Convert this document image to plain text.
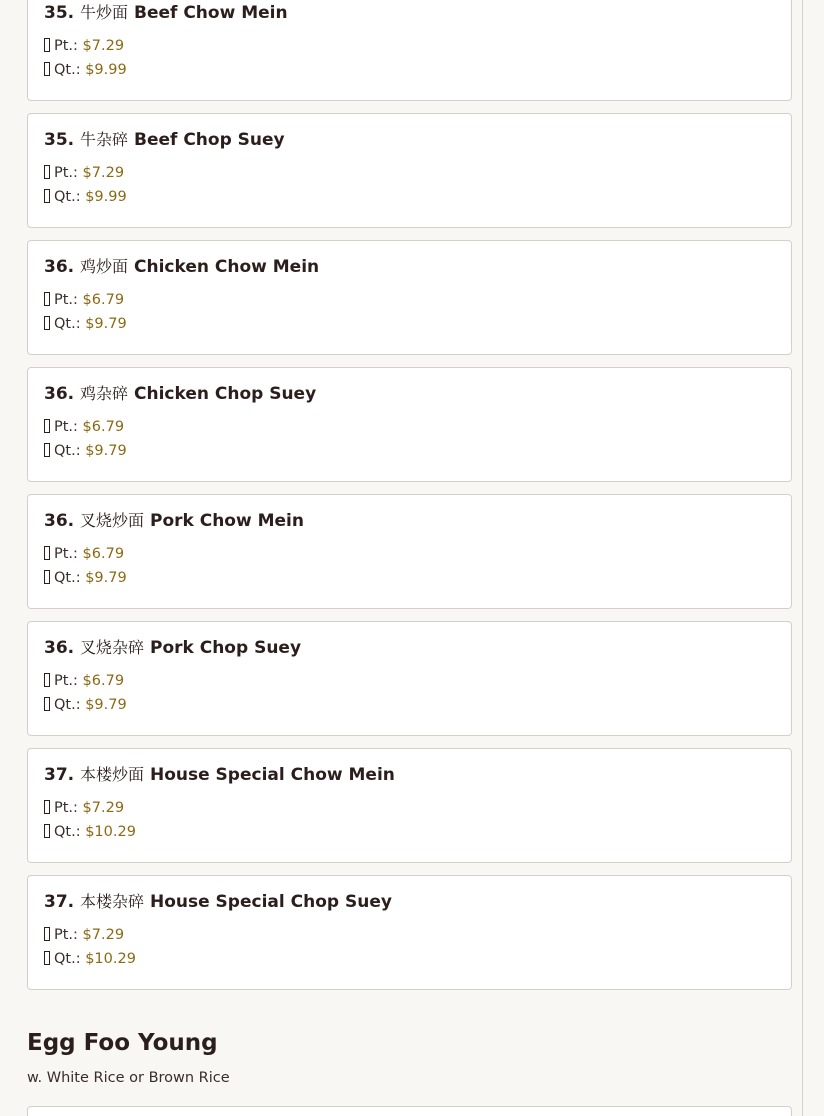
35. 牛炒面 Beef Chow Mein
Pt.: $7.29
Qt.: $9.99
35. 牛杂碎 Beef Chop Suey
Pt.: $7.29
Qt.: $9.99
36. 鸡炒面 Chicken Chow Mein
Pt.: $6.79
Qt.: $9.79
36. 鸡杂碎 Chicken Chop Suey
Pt.: $6.79
Qt.: $9.79
36. 叉烧炒面 Pork Chow Mein
Pt.: $6.79
Qt.: $9.79
36. 叉烧杂碎 Pork Chop Suey
Pt.: $6.79
Qt.: $9.79
37. 本楼炒面 House Special Chow Mein
Pt.: $7.29
Qt.: $10.29
37. 本楼杂碎 House Special Chop Suey
Pt.: $7.29
Qt.: $10.29
Egg Foo Young
w. White Rice or Brown Rice
